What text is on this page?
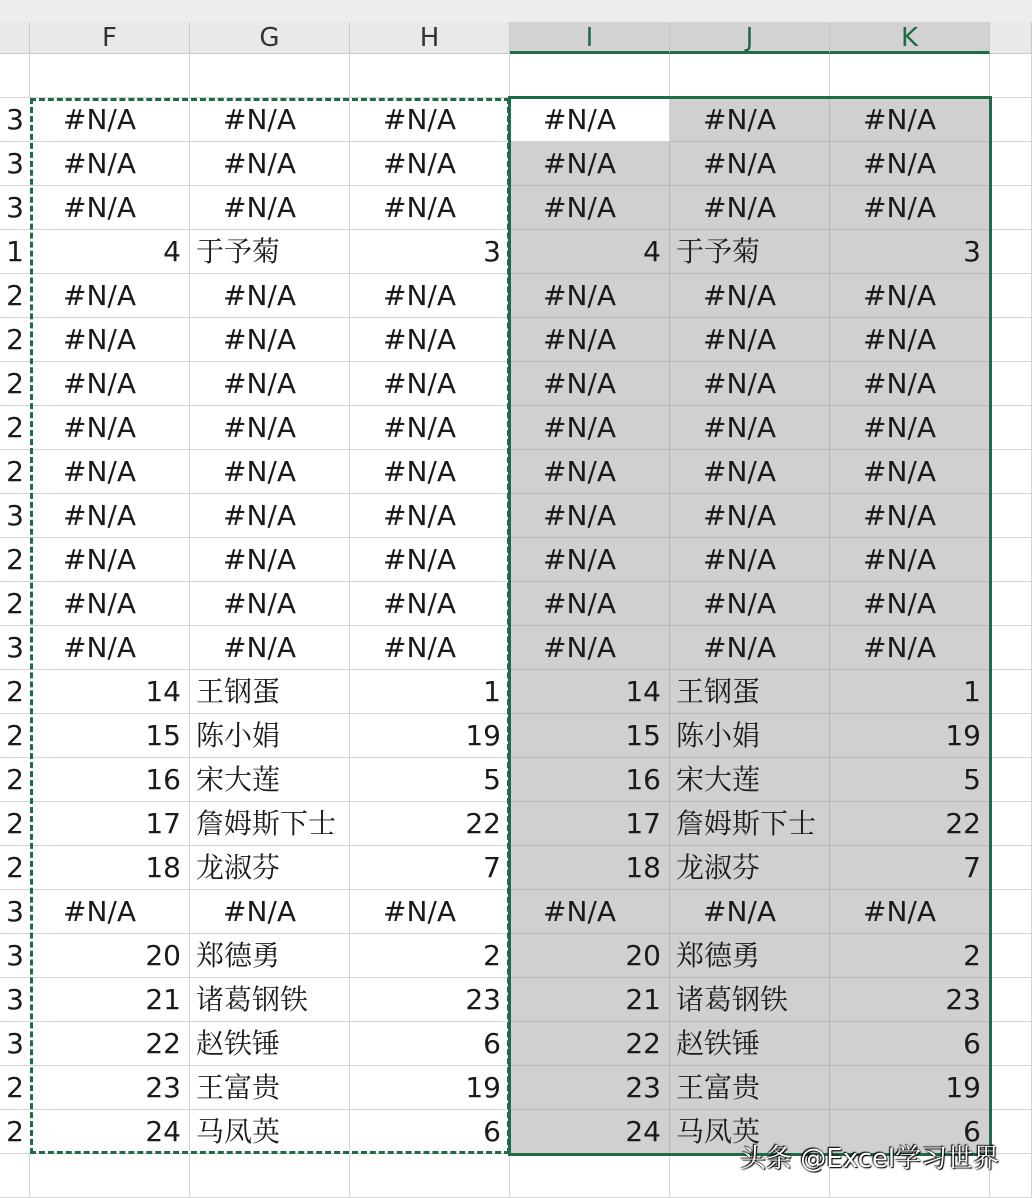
F	G	H	I	J	K
3	#N/A	#N/A	#N/A	#N/A	#N/A	#N/A
3	#N/A	#N/A	#N/A	#N/A	#N/A	#N/A
3	#N/A	#N/A	#N/A	#N/A	#N/A	#N/A
1	4 于予菊	3	4 于予菊	3
2	#N/A	#N/A	#N/A	#N/A	#N/A	#N/A
2	#N/A	#N/A	#N/A	#N/A	#N/A	#N/A
2	#N/A	#N/A	#N/A	#N/A	#N/A	#N/A
2	#N/A	#N/A	#N/A	#N/A	#N/A	#N/A
2	#N/A	#N/A	#N/A	#N/A	#N/A	#N/A
3	#N/A	#N/A	#N/A	#N/A	#N/A	#N/A
2	#N/A	#N/A	#N/A	#N/A	#N/A	#N/A
2	#N/A	#N/A	#N/A	#N/A	#N/A	#N/A
3	#N/A	#N/A	#N/A	#N/A	#N/A	#N/A
2	14 王钢蛋	1	14 王钢蛋	1
2	15 陈小娟	19	15 陈小娟	19
2	16 宋大莲	5	16 宋大莲	5
2	17 詹姆斯下士	22	17 詹姆斯下士	22
2	18 龙淑芬	7	18 龙淑芬	7
3	#N/A	#N/A	#N/A	#N/A	#N/A	#N/A
3	20 郑德勇	2	20 郑德勇	2
3	21 诸葛钢铁	23	21 诸葛钢铁	23
3	22 赵铁锤	6	22 赵铁锤	6
2	23 王富贵	19	23 王富贵	19
2	24 马凤英	6	24 马凤英	6
头条 @Excel学习世界
